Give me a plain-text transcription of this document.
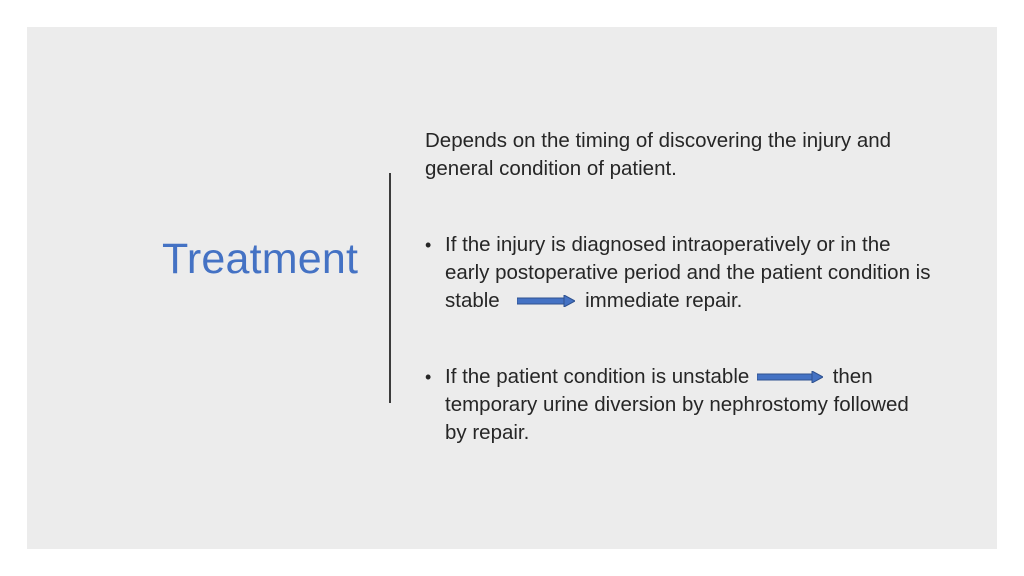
Treatment

Depends on the timing of discovering the injury and general condition of patient.

• If the injury is diagnosed intraoperatively or in the early postoperative period and the patient condition is stable	immediate repair.

• If the patient condition is unstable	then temporary urine diversion by nephrostomy followed by repair.
